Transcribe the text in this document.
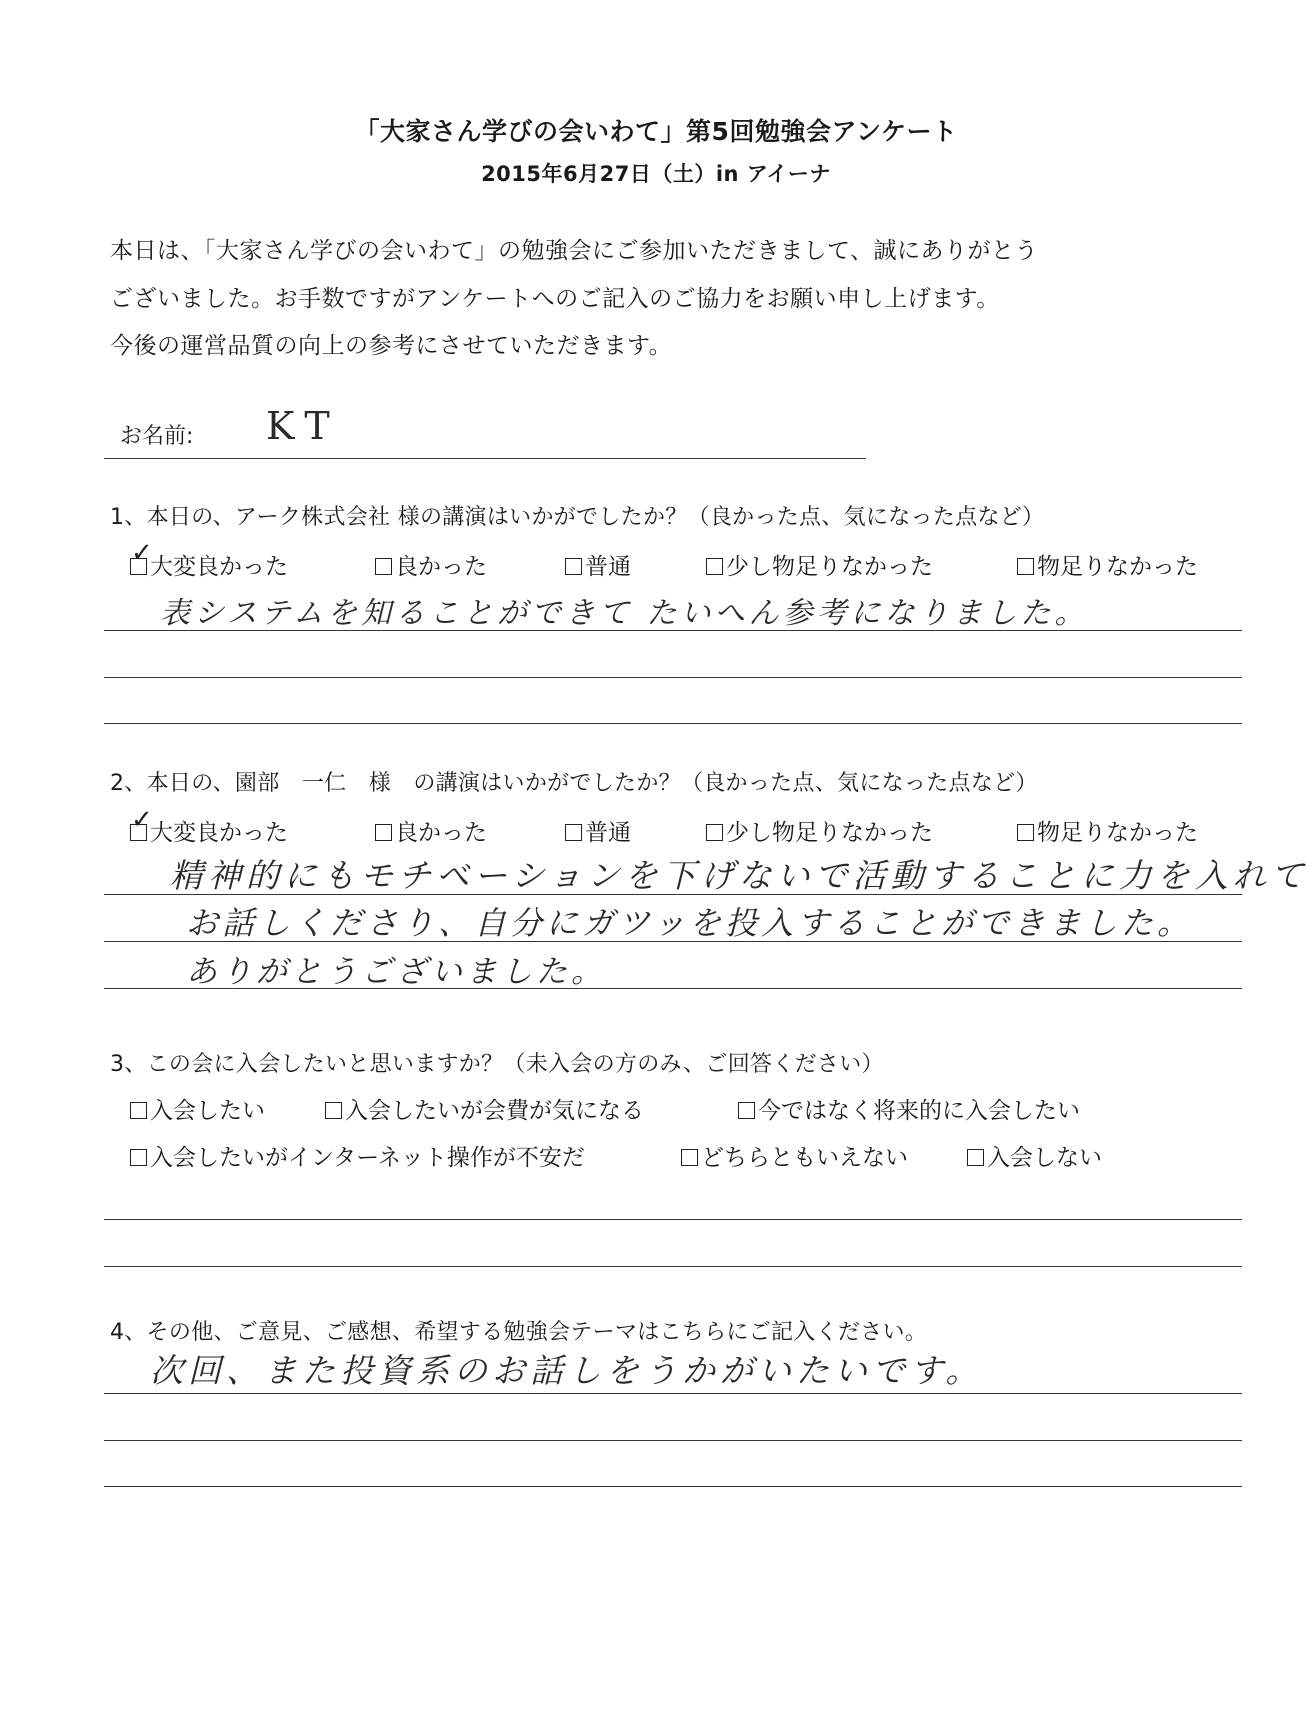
「大家さん学びの会いわて」第5回勉強会アンケート
2015年6月27日（土）in アイーナ
本日は、「大家さん学びの会いわて」の勉強会にご参加いただきまして、誠にありがとう
ございました。お手数ですがアンケートへのご記入のご協力をお願い申し上げます。
今後の運営品質の向上の参考にさせていただきます。
お名前: KT
1、本日の、アーク株式会社 様の講演はいかがでしたか？（良かった点、気になった点など）
大変良かった
✓	良かった	普通	少し物足りなかった	物足りなかった
表システムを知ることができて たいへん参考になりました。
2、本日の、園部　一仁　様　の講演はいかがでしたか？（良かった点、気になった点など）
大変良かった
✓	良かった	普通	少し物足りなかった	物足りなかった
精神的にもモチベーションを下げないで活動することに力を入れて
お話しくださり、自分にガツッを投入することができました。
ありがとうございました。
3、この会に入会したいと思いますか？（未入会の方のみ、ご回答ください）
入会したい	入会したいが会費が気になる	今ではなく将来的に入会したい
入会したいがインターネット操作が不安だ	どちらともいえない	入会しない
4、その他、ご意見、ご感想、希望する勉強会テーマはこちらにご記入ください。
次回、また投資系のお話しをうかがいたいです。
